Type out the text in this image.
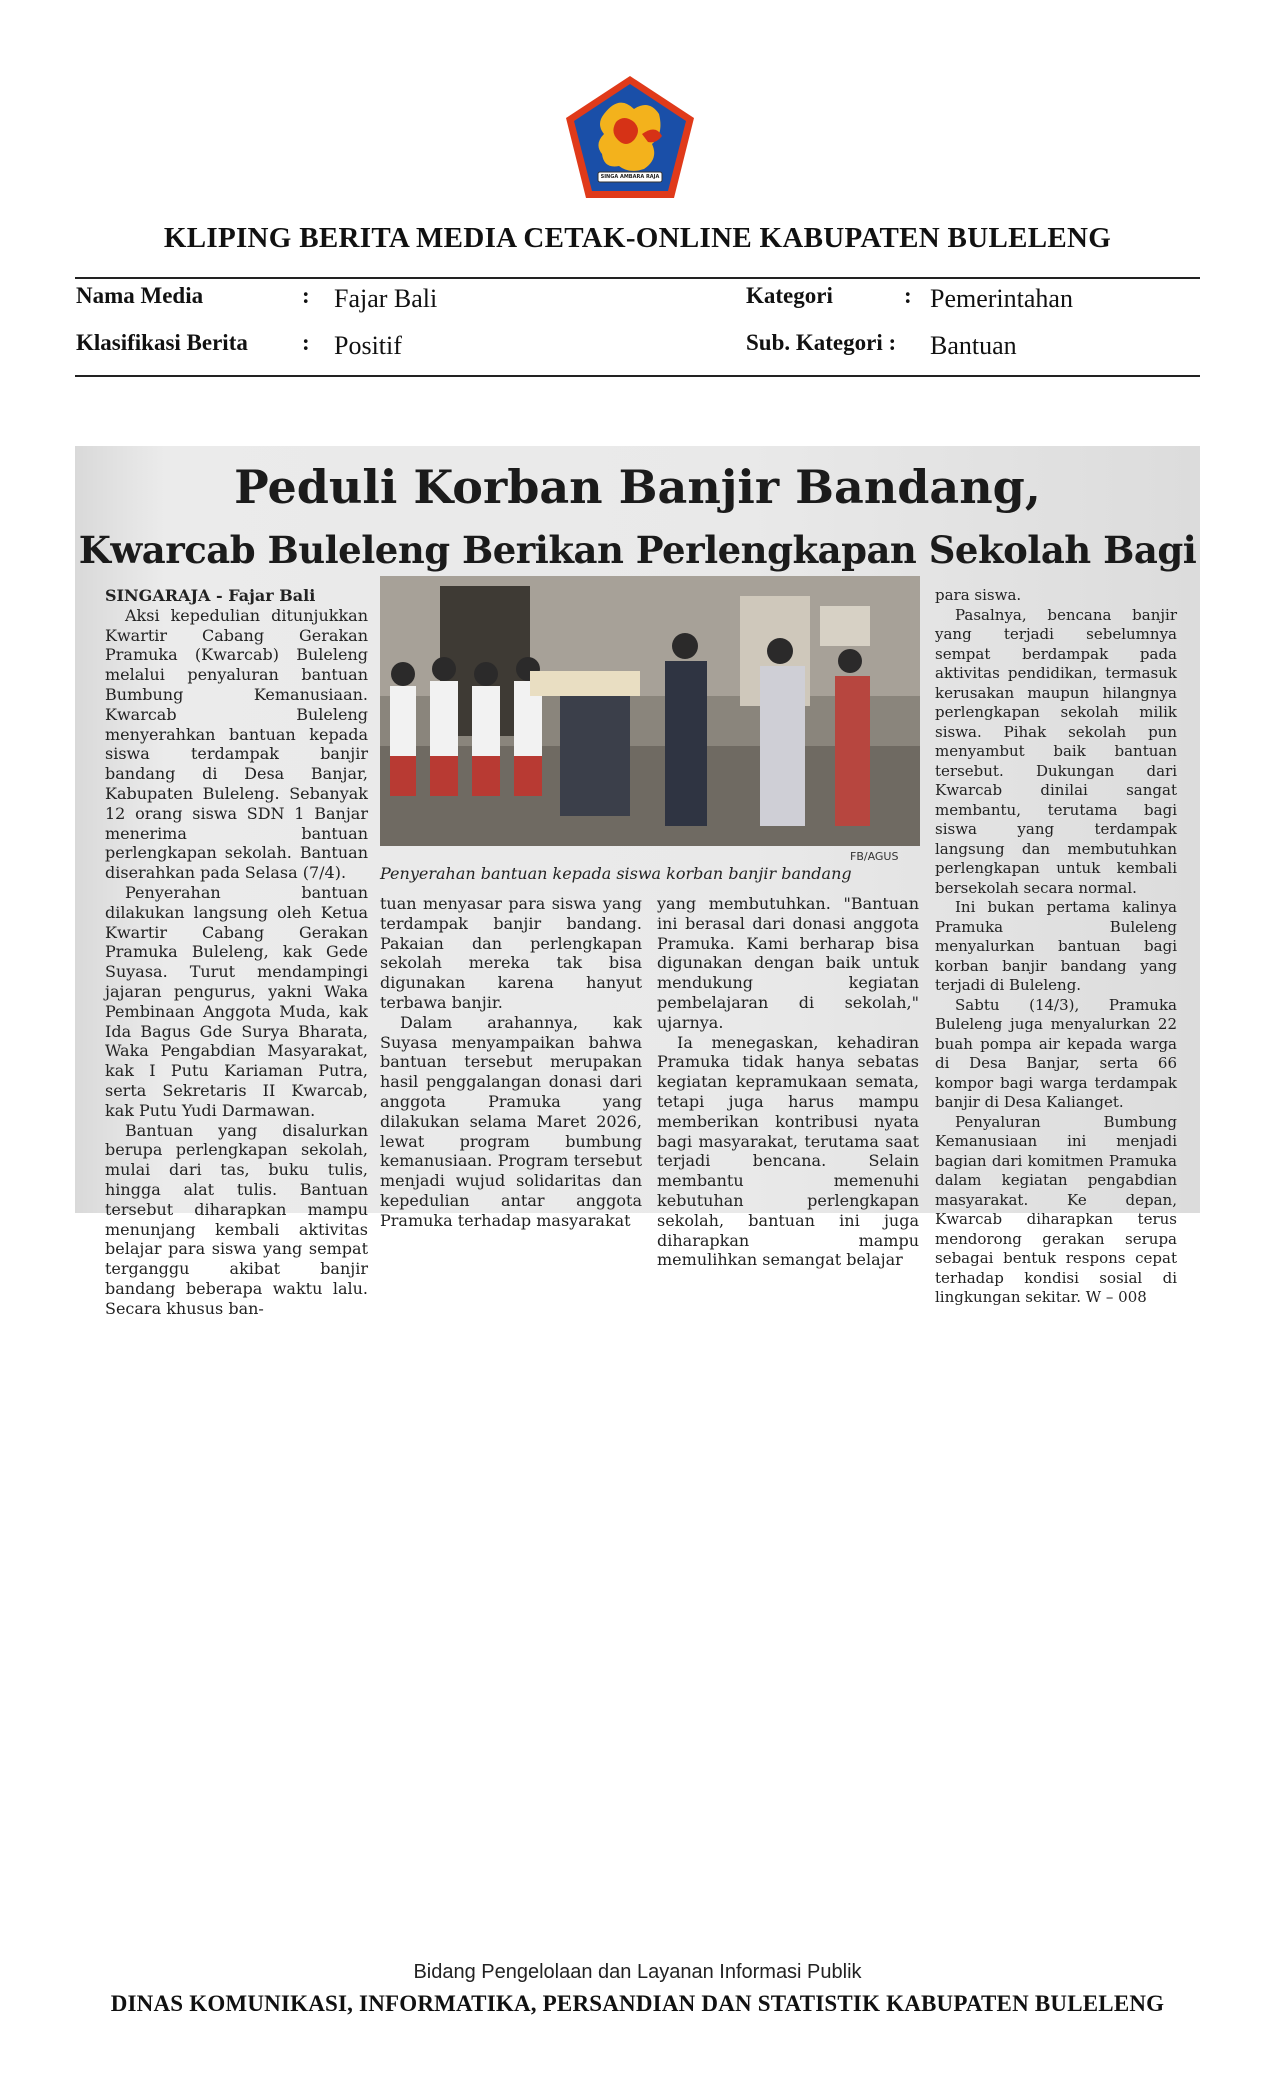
SINGA AMBARA RAJA
KLIPING BERITA MEDIA CETAK-ONLINE KABUPATEN BULELENG
Nama Media	: Fajar Bali	Kategori	: Pemerintahan
Klasifikasi Berita : Positif	Sub. Kategori : Bantuan
Peduli Korban Banjir Bandang,
Kwarcab Buleleng Berikan Perlengkapan Sekolah Bagi

SINGARAJA - Fajar Bali

Aksi kepedulian ditunjukkan Kwartir Cabang Gerakan Pramuka (Kwarcab) Buleleng melalui penyaluran bantuan Bumbung Kemanusiaan. Kwarcab Buleleng menyerahkan bantuan kepada siswa terdampak banjir bandang di Desa Banjar, Kabupaten Buleleng. Sebanyak 12 orang siswa SDN 1 Banjar menerima bantuan perlengkapan sekolah. Bantuan diserahkan pada Selasa (7/4).

Penyerahan bantuan dilakukan langsung oleh Ketua Kwartir Cabang Gerakan Pramuka Buleleng, kak Gede Suyasa. Turut mendampingi jajaran pengurus, yakni Waka Pembinaan Anggota Muda, kak Ida Bagus Gde Surya Bharata, Waka Pengabdian Masyarakat, kak I Putu Kariaman Putra, serta Sekretaris II Kwarcab, kak Putu Yudi Darmawan.

Bantuan yang disalurkan berupa perlengkapan sekolah, mulai dari tas, buku tulis, hingga alat tulis. Bantuan tersebut diharapkan mampu menunjang kembali aktivitas belajar para siswa yang sempat terganggu akibat banjir bandang beberapa waktu lalu. Secara khusus ban-

FB/AGUS
Penyerahan bantuan kepada siswa korban banjir bandang

tuan menyasar para siswa yang terdampak banjir bandang. Pakaian dan perlengkapan sekolah mereka tak bisa digunakan karena hanyut terbawa banjir.

Dalam arahannya, kak Suyasa menyampaikan bahwa bantuan tersebut merupakan hasil penggalangan donasi dari anggota Pramuka yang dilakukan selama Maret 2026, lewat program bumbung kemanusiaan. Program tersebut menjadi wujud solidaritas dan kepedulian antar anggota Pramuka terhadap masyarakat

yang membutuhkan. "Bantuan ini berasal dari donasi anggota Pramuka. Kami berharap bisa digunakan dengan baik untuk mendukung kegiatan pembelajaran di sekolah," ujarnya.

Ia menegaskan, kehadiran Pramuka tidak hanya sebatas kegiatan kepramukaan semata, tetapi juga harus mampu memberikan kontribusi nyata bagi masyarakat, terutama saat terjadi bencana. Selain membantu memenuhi kebutuhan perlengkapan sekolah, bantuan ini juga diharapkan mampu memulihkan semangat belajar

para siswa.

Pasalnya, bencana banjir yang terjadi sebelumnya sempat berdampak pada aktivitas pendidikan, termasuk kerusakan maupun hilangnya perlengkapan sekolah milik siswa. Pihak sekolah pun menyambut baik bantuan tersebut. Dukungan dari Kwarcab dinilai sangat membantu, terutama bagi siswa yang terdampak langsung dan membutuhkan perlengkapan untuk kembali bersekolah secara normal.

Ini bukan pertama kalinya Pramuka Buleleng menyalurkan bantuan bagi korban banjir bandang yang terjadi di Buleleng.

Sabtu (14/3), Pramuka Buleleng juga menyalurkan 22 buah pompa air kepada warga di Desa Banjar, serta 66 kompor bagi warga terdampak banjir di Desa Kalianget.

Penyaluran Bumbung Kemanusiaan ini menjadi bagian dari komitmen Pramuka dalam kegiatan pengabdian masyarakat. Ke depan, Kwarcab diharapkan terus mendorong gerakan serupa sebagai bentuk respons cepat terhadap kondisi sosial di lingkungan sekitar. W – 008

Bidang Pengelolaan dan Layanan Informasi Publik
DINAS KOMUNIKASI, INFORMATIKA, PERSANDIAN DAN STATISTIK KABUPATEN BULELENG
